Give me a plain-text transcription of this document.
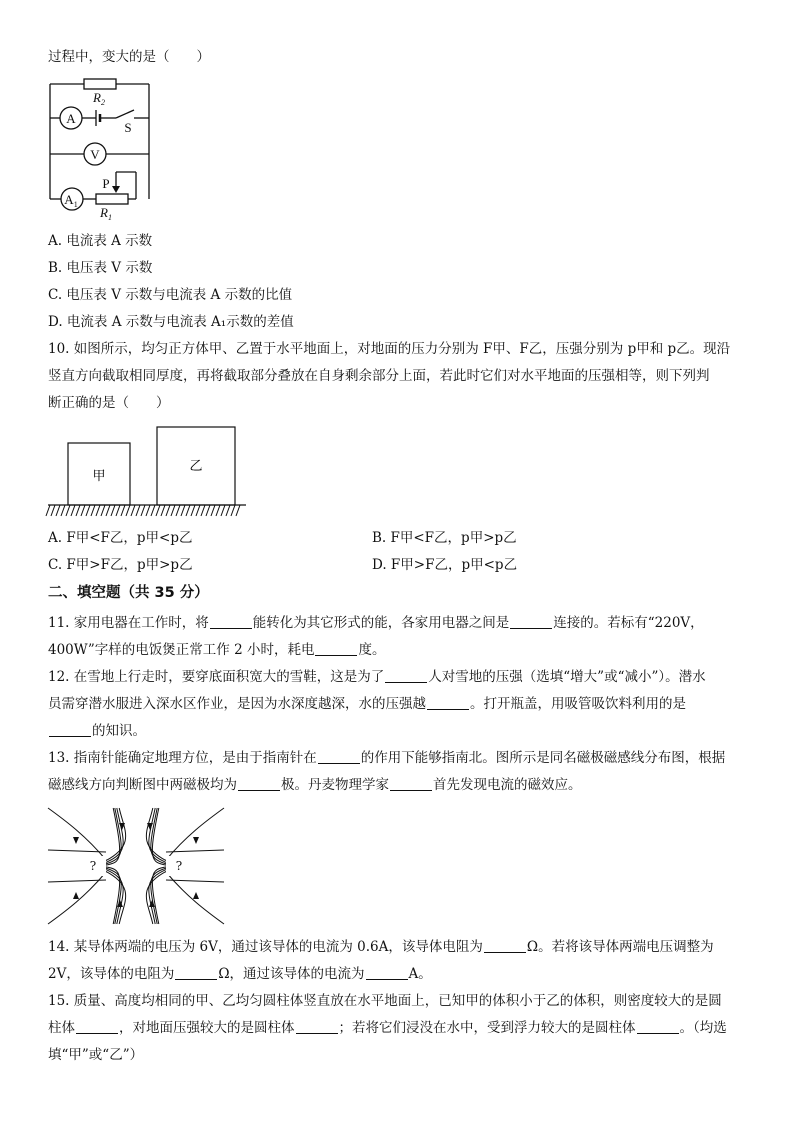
过程中，变大的是（　　）
$R_2$
$R_1$
A
V
$A_1$
S
P
A. 电流表 A 示数
B. 电压表 V 示数
C. 电压表 V 示数与电流表 A 示数的比值
D. 电流表 A 示数与电流表 A₁示数的差值
10. 如图所示，均匀正方体甲、乙置于水平地面上，对地面的压力分别为 F甲、F乙，压强分别为 p甲和 p乙。现沿
竖直方向截取相同厚度，再将截取部分叠放在自身剩余部分上面，若此时它们对水平地面的压强相等，则下列判
断正确的是（　　）
甲
乙
A. F甲<F乙，p甲<p乙	B. F甲<F乙，p甲>p乙
C. F甲>F乙，p甲>p乙	D. F甲>F乙，p甲<p乙
二、填空题（共 35 分）
11. 家用电器在工作时，将	能转化为其它形式的能，各家用电器之间是	连接的。若标有“220V，
400W”字样的电饭煲正常工作 2 小时，耗电	度。
12. 在雪地上行走时，要穿底面积宽大的雪鞋，这是为了	人对雪地的压强（选填“增大”或“减小”）。潜水
员需穿潜水服进入深水区作业，是因为水深度越深，水的压强越	。打开瓶盖，用吸管吸饮料利用的是
的知识。
13. 指南针能确定地理方位，是由于指南针在	的作用下能够指南北。图所示是同名磁极磁感线分布图，根据
磁感线方向判断图中两磁极均为	极。丹麦物理学家	首先发现电流的磁效应。
?	?
14. 某导体两端的电压为 6V，通过该导体的电流为 0.6A，该导体电阻为	Ω。若将该导体两端电压调整为
2V，该导体的电阻为	Ω，通过该导体的电流为	A。
15. 质量、高度均相同的甲、乙均匀圆柱体竖直放在水平地面上，已知甲的体积小于乙的体积，则密度较大的是圆
柱体	，对地面压强较大的是圆柱体	；若将它们浸没在水中，受到浮力较大的是圆柱体	。（均选
填“甲”或“乙”）
